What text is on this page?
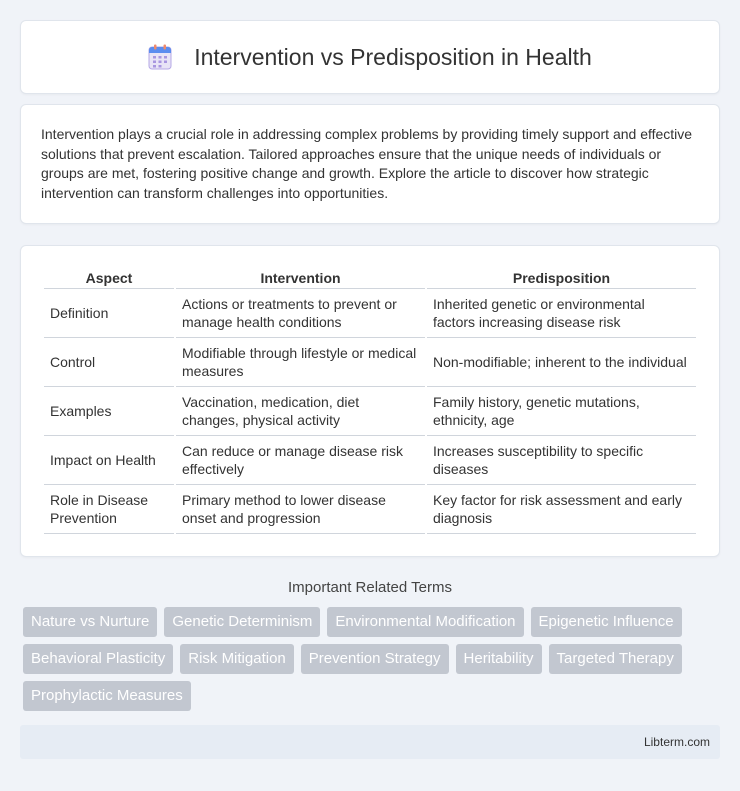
Intervention vs Predisposition in Health

Intervention plays a crucial role in addressing complex problems by providing timely support and effective solutions that prevent escalation. Tailored approaches ensure that the unique needs of individuals or groups are met, fostering positive change and growth. Explore the article to discover how strategic intervention can transform challenges into opportunities.

Aspect	Intervention	Predisposition
Definition	Actions or treatments to prevent or manage health conditions	Inherited genetic or environmental factors increasing disease risk
Control	Modifiable through lifestyle or medical measures	Non-modifiable; inherent to the individual
Examples	Vaccination, medication, diet changes, physical activity	Family history, genetic mutations, ethnicity, age
Impact on Health	Can reduce or manage disease risk effectively	Increases susceptibility to specific diseases
Role in Disease Prevention	Primary method to lower disease onset and progression	Key factor for risk assessment and early diagnosis
Important Related Terms
Nature vs Nurture	Genetic Determinism	Environmental Modification	Epigenetic Influence
Behavioral Plasticity	Risk Mitigation	Prevention Strategy	Heritability	Targeted Therapy
Prophylactic Measures
Libterm.com
